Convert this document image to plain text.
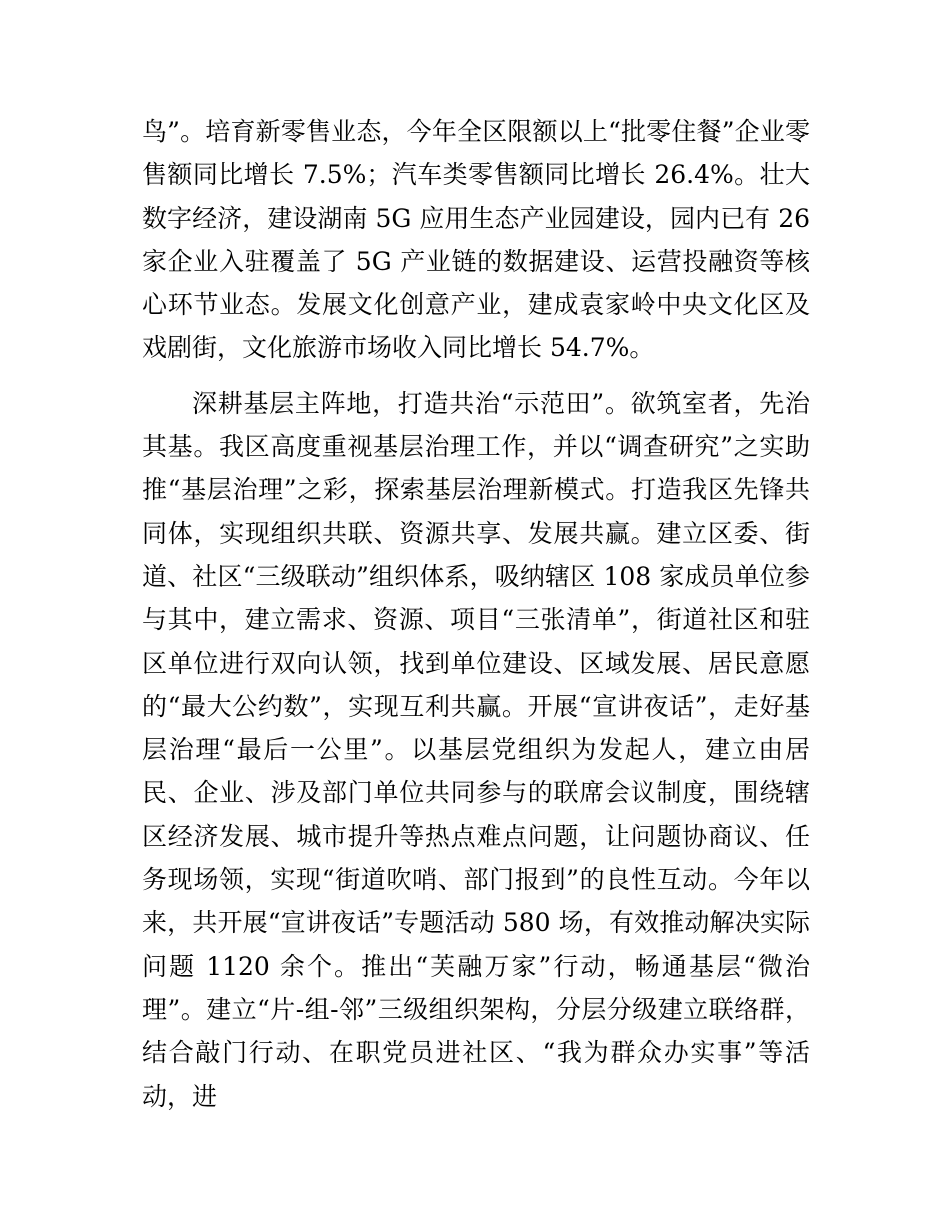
鸟”。培育新零售业态，今年全区限额以上“批零住餐”企业零售额同比增长 7.5%；汽车类零售额同比增长 26.4%。壮大数字经济，建设湖南 5G 应用生态产业园建设，园内已有 26 家企业入驻覆盖了 5G 产业链的数据建设、运营投融资等核心环节业态。发展文化创意产业，建成袁家岭中央文化区及戏剧街，文化旅游市场收入同比增长 54.7%。

深耕基层主阵地，打造共治“示范田”。欲筑室者，先治其基。我区高度重视基层治理工作，并以“调查研究”之实助推“基层治理”之彩，探索基层治理新模式。打造我区先锋共同体，实现组织共联、资源共享、发展共赢。建立区委、街道、社区“三级联动”组织体系，吸纳辖区 108 家成员单位参与其中，建立需求、资源、项目“三张清单”，街道社区和驻区单位进行双向认领，找到单位建设、区域发展、居民意愿的“最大公约数”，实现互利共赢。开展“宣讲夜话”，走好基层治理“最后一公里”。以基层党组织为发起人，建立由居民、企业、涉及部门单位共同参与的联席会议制度，围绕辖区经济发展、城市提升等热点难点问题，让问题协商议、任务现场领，实现“街道吹哨、部门报到”的良性互动。今年以来，共开展“宣讲夜话”专题活动 580 场，有效推动解决实际问题 1120 余个。推出“芙融万家”行动，畅通基层“微治理”。建立“片-组-邻”三级组织架构，分层分级建立联络群，结合敲门行动、在职党员进社区、“我为群众办实事”等活动，进
